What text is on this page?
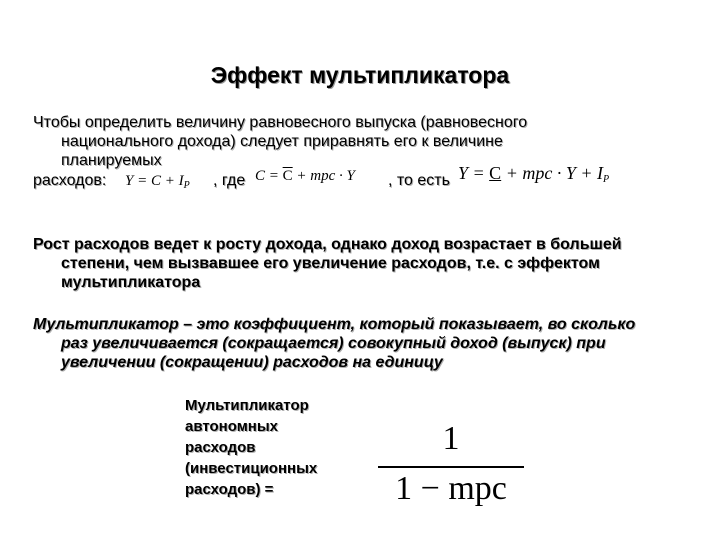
Эффект мультипликатора
Чтобы определить величину равновесного выпуска (равновесного
национального дохода) следует приравнять его к величине
планируемых
расходов: $Y = C + I_P$ , где $C = \overline{C}$ + mpc · Y , то есть Y = C + mpc · $Y + I_P$
Рост расходов ведет к росту дохода, однако доход возрастает в большей
степени, чем вызвавшее его увеличение расходов, т.е. с эффектом
мультипликатора
Мультипликатор – это коэффициент, который показывает, во сколько
раз увеличивается (сокращается) совокупный доход (выпуск) при
увеличении (сокращении) расходов на единицу
Мультипликатор
автономных
расходов
(инвестиционных
расходов) =
1
1 − mpc
